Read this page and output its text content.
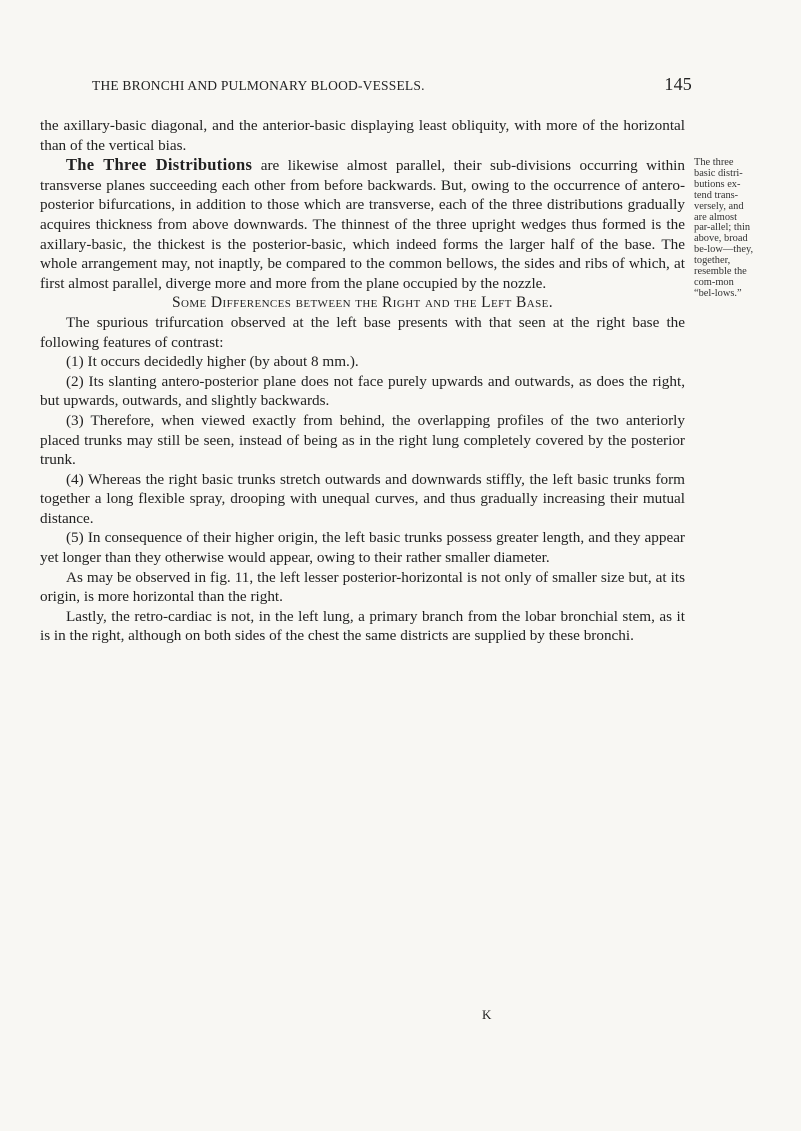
THE BRONCHI AND PULMONARY BLOOD-VESSELS.	145

the axillary-basic diagonal, and the anterior-basic displaying least obliquity, with more of the horizontal than of the vertical bias.

The Three Distributions are likewise almost parallel, their sub-divisions occurring within transverse planes succeeding each other from before backwards. But, owing to the occurrence of antero-posterior bifurcations, in addition to those which are transverse, each of the three distributions gradually acquires thickness from above downwards. The thinnest of the three upright wedges thus formed is the axillary-basic, the thickest is the posterior-basic, which indeed forms the larger half of the base. The whole arrangement may, not inaptly, be compared to the common bellows, the sides and ribs of which, at first almost parallel, diverge more and more from the plane occupied by the nozzle.

Some Differences between the Right and the Left Base.

The spurious trifurcation observed at the left base presents with that seen at the right base the following features of contrast:

(1) It occurs decidedly higher (by about 8 mm.).

(2) Its slanting antero-posterior plane does not face purely upwards and outwards, as does the right, but upwards, outwards, and slightly backwards.

(3) Therefore, when viewed exactly from behind, the overlapping profiles of the two anteriorly placed trunks may still be seen, instead of being as in the right lung completely covered by the posterior trunk.

(4) Whereas the right basic trunks stretch outwards and downwards stiffly, the left basic trunks form together a long flexible spray, drooping with unequal curves, and thus gradually increasing their mutual distance.

(5) In consequence of their higher origin, the left basic trunks possess greater length, and they appear yet longer than they otherwise would appear, owing to their rather smaller diameter.

As may be observed in fig. 11, the left lesser posterior-horizontal is not only of smaller size but, at its origin, is more horizontal than the right.

Lastly, the retro-cardiac is not, in the left lung, a primary branch from the lobar bronchial stem, as it is in the right, although on both sides of the chest the same districts are supplied by these bronchi.

The three basic distri-butions ex-tend trans-versely, and are almost par-allel; thin above, broad be-low—they, together, resemble the com-mon “bel-lows.”
K
